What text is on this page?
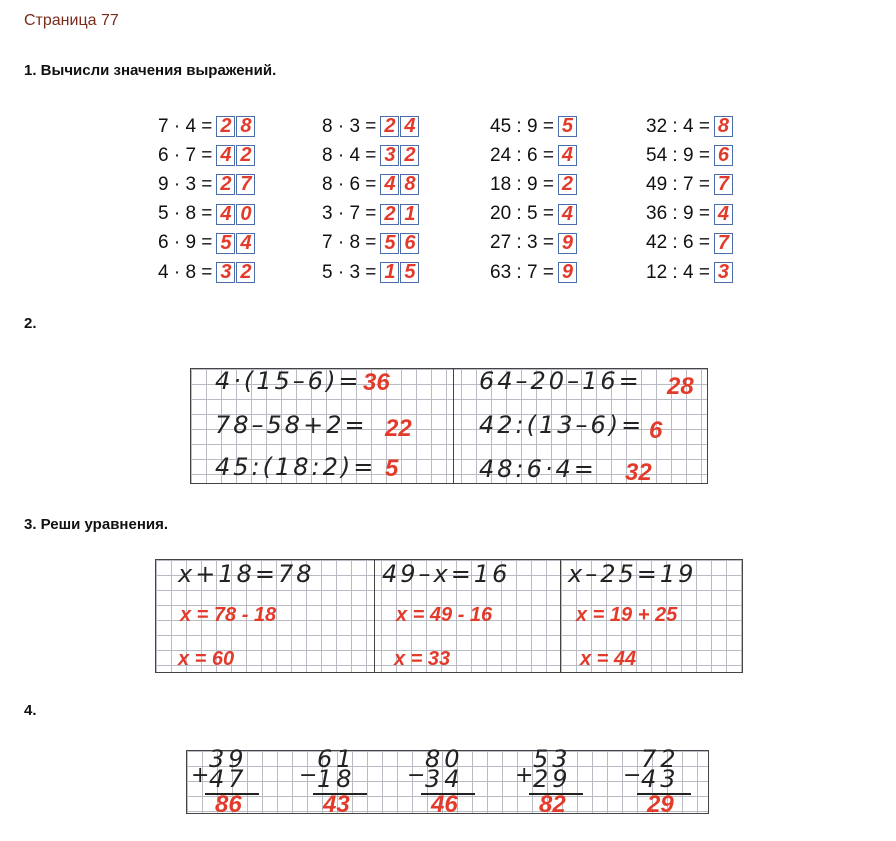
Страница 77
1. Вычисли значения выражений.
7 · 4 = 2 8
6 · 7 = 4 2
9 · 3 = 2 7
5 · 8 = 4 0
6 · 9 = 5 4
4 · 8 = 3 2
8 · 3 = 2 4
8 · 4 = 3 2
8 · 6 = 4 8
3 · 7 = 2 1
7 · 8 = 5 6
5 · 3 = 1 5
45 : 9 = 5
24 : 6 = 4
18 : 9 = 2
20 : 5 = 4
27 : 3 = 9
63 : 7 = 9
32 : 4 = 8
54 : 9 = 6
49 : 7 = 7
36 : 9 = 4
42 : 6 = 7
12 : 4 = 3
2.
4·(15–6)= 36	64–20–16= 28
78–58+2= 22	42:(13–6)= 6
45:(18:2)= 5	48:6·4= 32
3. Реши уравнения.
x+18=78
x = 78 - 18
x = 60
49–x=16
x = 49 - 16
x = 33
x–25=19
x = 19 + 25
x = 44
4.
+
39
47
86
−
61
18
43
−
80
34
46
+
53
29
82
−
72
43
29
